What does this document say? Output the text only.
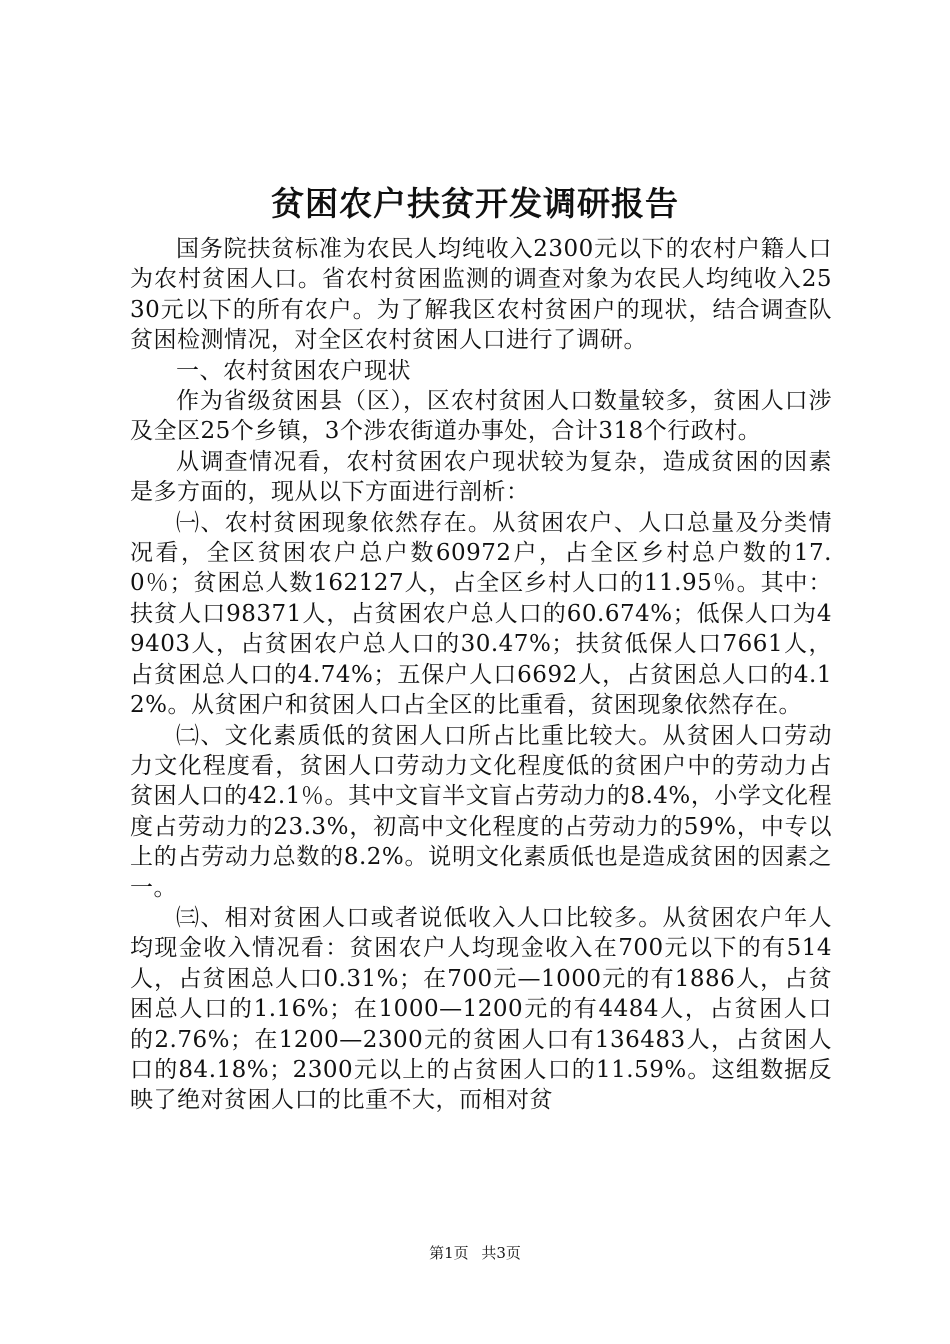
贫困农户扶贫开发调研报告

国务院扶贫标准为农民人均纯收入2300元以下的农村户籍人口为农村贫困人口。省农村贫困监测的调查对象为农民人均纯收入2530元以下的所有农户。为了解我区农村贫困户的现状，结合调查队贫困检测情况，对全区农村贫困人口进行了调研。

一、农村贫困农户现状

作为省级贫困县（区），区农村贫困人口数量较多，贫困人口涉及全区25个乡镇，3个涉农街道办事处，合计318个行政村。

从调查情况看，农村贫困农户现状较为复杂，造成贫困的因素是多方面的，现从以下方面进行剖析：

㈠、农村贫困现象依然存在。从贫困农户、人口总量及分类情况看，全区贫困农户总户数60972户，占全区乡村总户数的17.0％；贫困总人数162127人，占全区乡村人口的11.95％。其中：扶贫人口98371人，占贫困农户总人口的60.674%；低保人口为49403人，占贫困农户总人口的30.47%；扶贫低保人口7661人，占贫困总人口的4.74%；五保户人口6692人，占贫困总人口的4.12%。从贫困户和贫困人口占全区的比重看，贫困现象依然存在。

㈡、文化素质低的贫困人口所占比重比较大。从贫困人口劳动力文化程度看，贫困人口劳动力文化程度低的贫困户中的劳动力占贫困人口的42.1％。其中文盲半文盲占劳动力的8.4%，小学文化程度占劳动力的23.3%，初高中文化程度的占劳动力的59%，中专以上的占劳动力总数的8.2%。说明文化素质低也是造成贫困的因素之一。

㈢、相对贫困人口或者说低收入人口比较多。从贫困农户年人均现金收入情况看：贫困农户人均现金收入在700元以下的有514人，占贫困总人口0.31%；在700元—1000元的有1886人，占贫困总人口的1.16%；在1000—1200元的有4484人，占贫困人口的2.76%；在1200—2300元的贫困人口有136483人，占贫困人口的84.18%；2300元以上的占贫困人口的11.59%。这组数据反映了绝对贫困人口的比重不大，而相对贫

第1页 共3页
